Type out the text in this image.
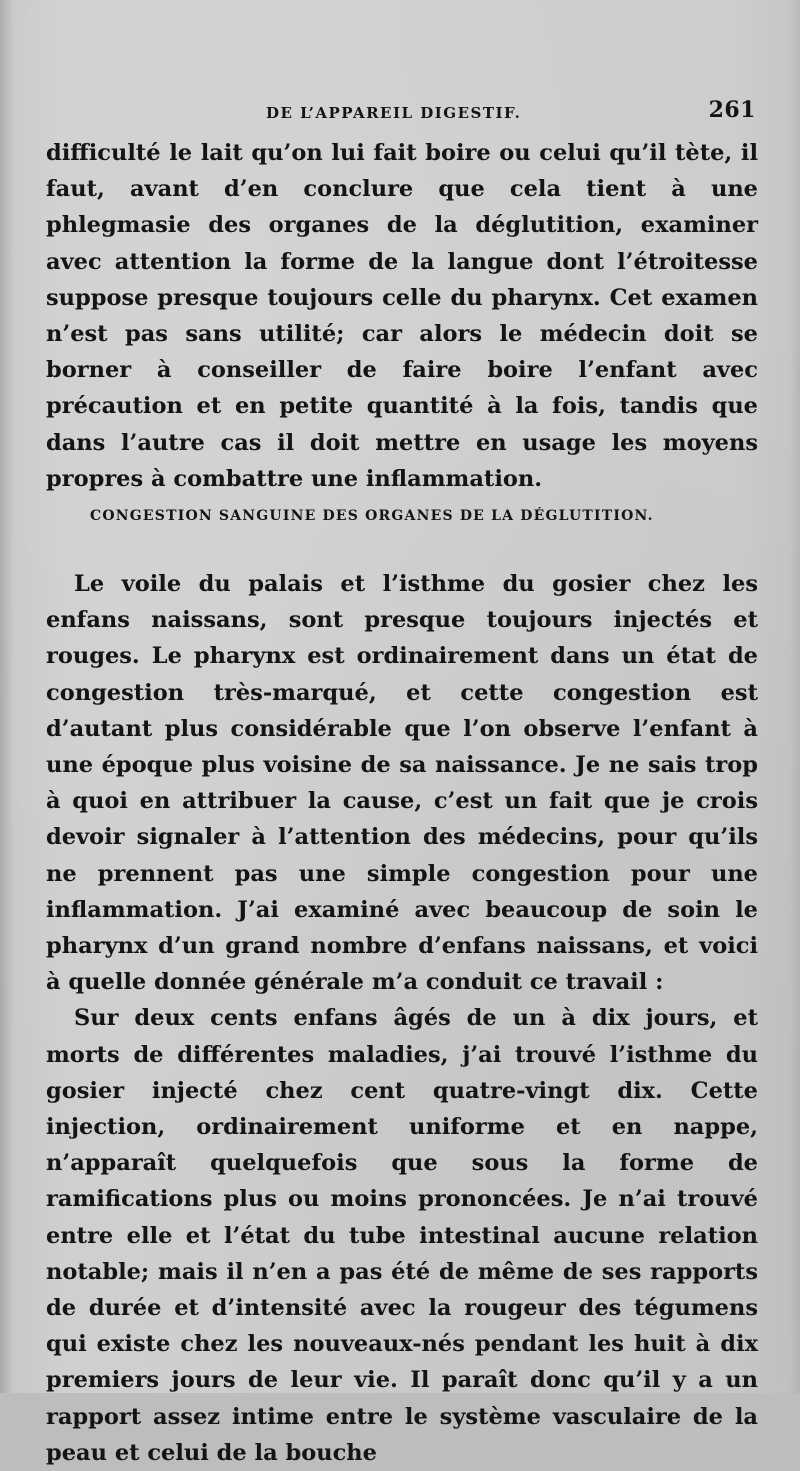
DE L’APPAREIL DIGESTIF.	261

difficulté le lait qu’on lui fait boire ou celui qu’il tète, il faut, avant d’en conclure que cela tient à une phlegmasie des organes de la déglutition, examiner avec attention la forme de la langue dont l’étroitesse suppose presque toujours celle du pharynx. Cet examen n’est pas sans utilité; car alors le médecin doit se borner à conseiller de faire boire l’enfant avec précaution et en petite quantité à la fois, tandis que dans l’autre cas il doit mettre en usage les moyens propres à combattre une inflammation.

CONGESTION SANGUINE DES ORGANES DE LA DÉGLUTITION.

Le voile du palais et l’isthme du gosier chez les enfans naissans, sont presque toujours injectés et rouges. Le pharynx est ordinairement dans un état de congestion très-marqué, et cette congestion est d’autant plus considérable que l’on observe l’enfant à une époque plus voisine de sa naissance. Je ne sais trop à quoi en attribuer la cause, c’est un fait que je crois devoir signaler à l’attention des médecins, pour qu’ils ne prennent pas une simple congestion pour une inflammation. J’ai examiné avec beaucoup de soin le pharynx d’un grand nombre d’enfans naissans, et voici à quelle donnée générale m’a conduit ce travail :

Sur deux cents enfans âgés de un à dix jours, et morts de différentes maladies, j’ai trouvé l’isthme du gosier injecté chez cent quatre-vingt dix. Cette injection, ordinairement uniforme et en nappe, n’apparaît quelquefois que sous la forme de ramifications plus ou moins prononcées. Je n’ai trouvé entre elle et l’état du tube intestinal aucune relation notable; mais il n’en a pas été de même de ses rapports de durée et d’intensité avec la rougeur des tégumens qui existe chez les nouveaux-nés pendant les huit à dix premiers jours de leur vie. Il paraît donc qu’il y a un rapport assez intime entre le système vasculaire de la peau et celui de la bouche
